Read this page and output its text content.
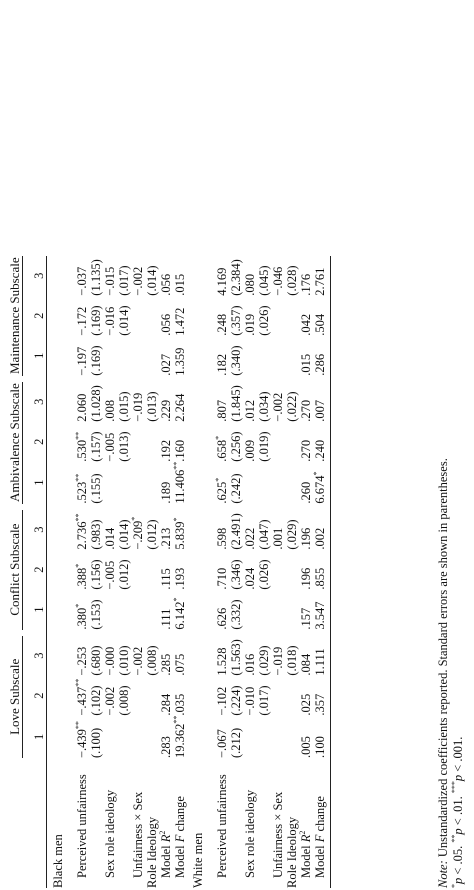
	Love Subscale				Conflict Subscale				Ambivalence Subscale				Maintenance Subscale		

	1	2	3		1	2	3		1	2	3		1	2	3
Black men															
Perceived unfairness	−.439**	−.437**	−.253		.380*	.388*	2.736**		.523**	.530**	2.060		−.197	−.172	−.037
	(.100)	(.102)	(.680)		(.153)	(.156)	(.983)		(.155)	(.157)	(1.028)		(.169)	(.169)	(1.135)
Sex role ideology		−.002	−.000			−.005	.014			−.005	.008			−.016	−.015
		(.008)	(.010)			(.012)	(.014)			(.013)	(.015)			(.014)	(.017)
Unfairness × Sex			−.002				−.209*				−.019				−.002
Role Ideology			(.008)				(.012)				(.013)				(.014)
Model $R^2$	.283	.284	.285		.111	.115	.213		.189	.192	.229		.027	.056	.056
Model F change	19.362**	.035	.075		6.142*	.193	5.839*		11.406**	.160	2.264		1.359	1.472	.015
White men															
Perceived unfairness	−.067	−.102	1.528		.626	.710	.598		.625*	.658*	.807		.182	.248	4.169
	(.212)	(.224)	(1.563)		(.332)	(.346)	(2.491)		(.242)	(.256)	(1.845)		(.340)	(.357)	(2.384)
Sex role ideology		−.010	.016			.024	.022			.009	.012			.019	.080
		(.017)	(.029)			(.026)	(.047)			(.019)	(.034)			(.026)	(.045)
Unfairness × Sex			−.019				.001				−.002				−.046
Role Ideology			(.018)				(.029)				(.022)				(.028)
Model $R^2$	.005	.025	.084		.157	.196	.196		.260	.270	.270		.015	.042	.176
Model F change	.100	.357	1.111		3.547	.855	.002		6.674*	.240	.007		.286	.504	2.761
Note: Unstandardized coefficients reported. Standard errors are shown in parentheses.
*p < .05. **p < .01. ***p < .001.
